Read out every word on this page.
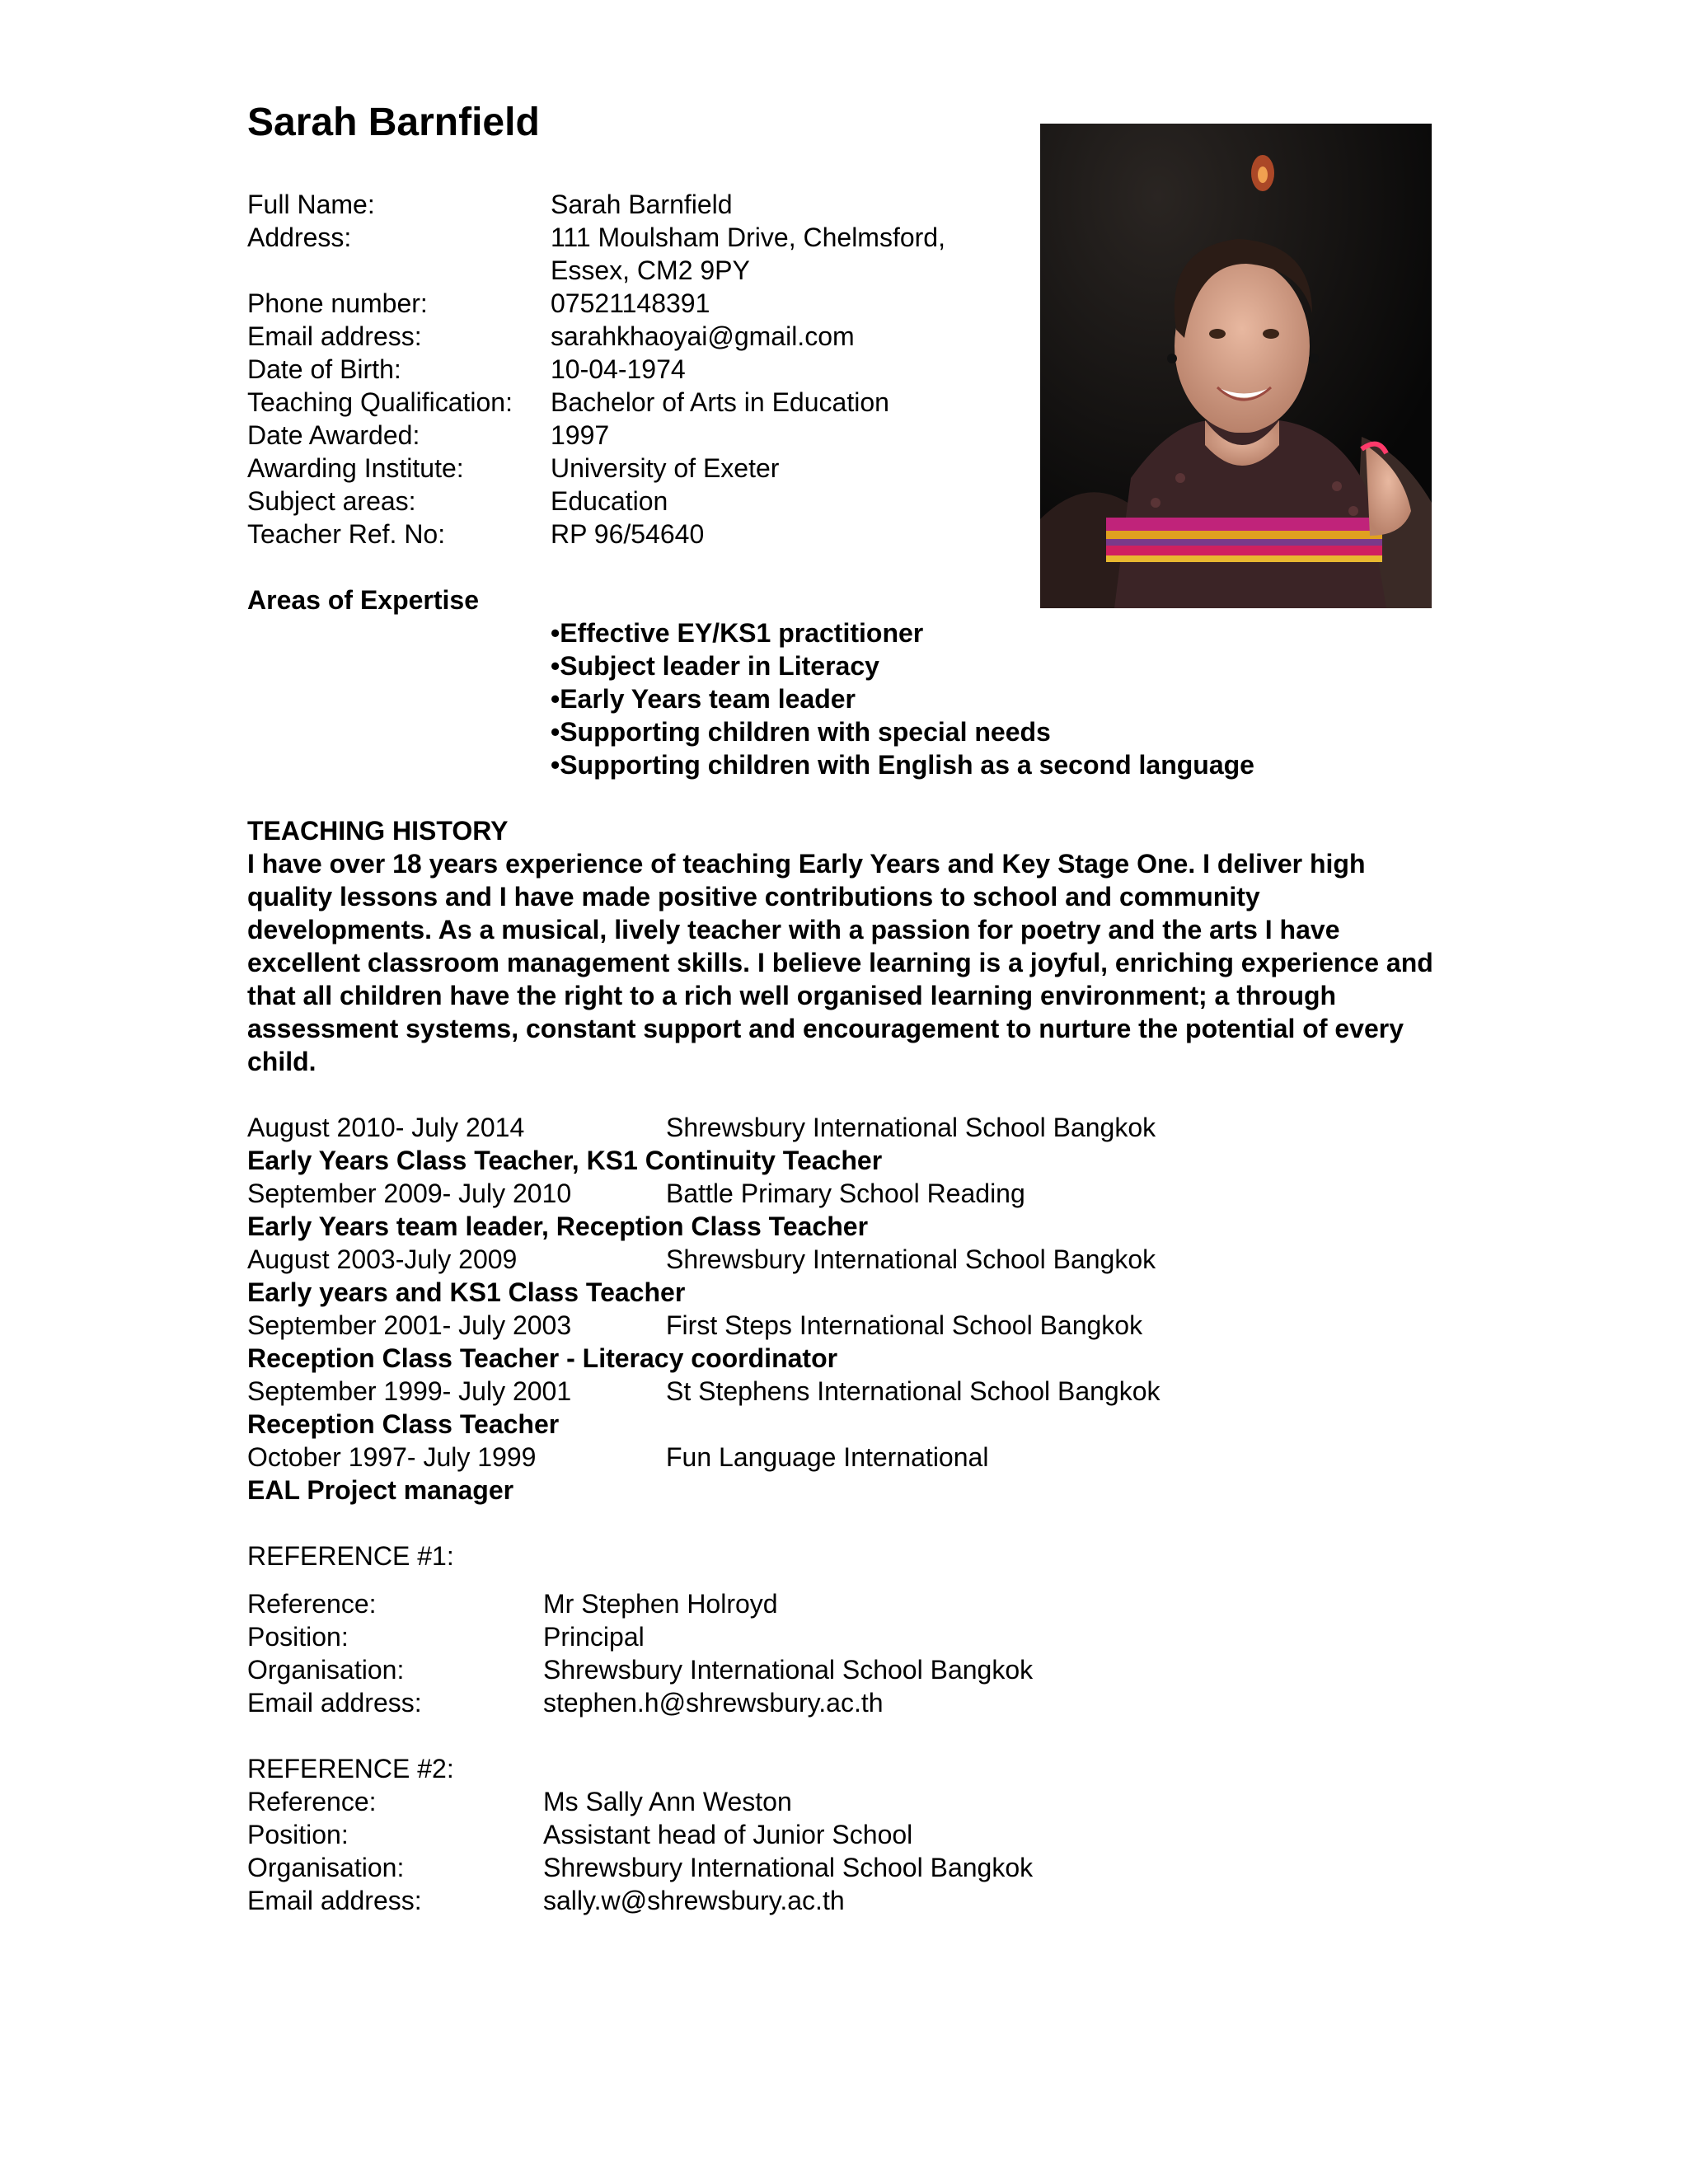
Sarah Barnfield
Full Name:	Sarah Barnfield
Address:	111 Moulsham Drive, Chelmsford,
Essex, CM2 9PY
Phone number:	07521148391
Email address:	sarahkhaoyai@gmail.com
Date of Birth:	10-04-1974
Teaching Qualification:	Bachelor of Arts in Education
Date Awarded:	1997
Awarding Institute:	University of Exeter
Subject areas:	Education
Teacher Ref. No:	RP 96/54640
Areas of Expertise
•Effective EY/KS1 practitioner
•Subject leader in Literacy
•Early Years team leader
•Supporting children with special needs
•Supporting children with English as a second language
TEACHING HISTORY

I have over 18 years experience of teaching Early Years and Key Stage One. I deliver high quality lessons and I have made positive contributions to school and community developments. As a musical, lively teacher with a passion for poetry and the arts I have excellent classroom management skills. I believe learning is a joyful, enriching experience and that all children have the right to a rich well organised learning environment; a through assessment systems, constant support and encouragement to nurture the potential of every child.

August 2010- July 2014	Shrewsbury International School Bangkok
Early Years Class Teacher, KS1 Continuity Teacher
September 2009- July 2010	Battle Primary School Reading
Early Years team leader, Reception Class Teacher
August 2003-July 2009	Shrewsbury International School Bangkok
Early years and KS1 Class Teacher
September 2001- July 2003	First Steps International School Bangkok
Reception Class Teacher - Literacy coordinator
September 1999- July 2001	St Stephens International School Bangkok
Reception Class Teacher
October 1997- July 1999	Fun Language International
EAL Project manager
REFERENCE #1:
Reference:	Mr Stephen Holroyd
Position:	Principal
Organisation:	Shrewsbury International School Bangkok
Email address:	stephen.h@shrewsbury.ac.th
REFERENCE #2:
Reference:	Ms Sally Ann Weston
Position:	Assistant head of Junior School
Organisation:	Shrewsbury International School Bangkok
Email address:	sally.w@shrewsbury.ac.th
